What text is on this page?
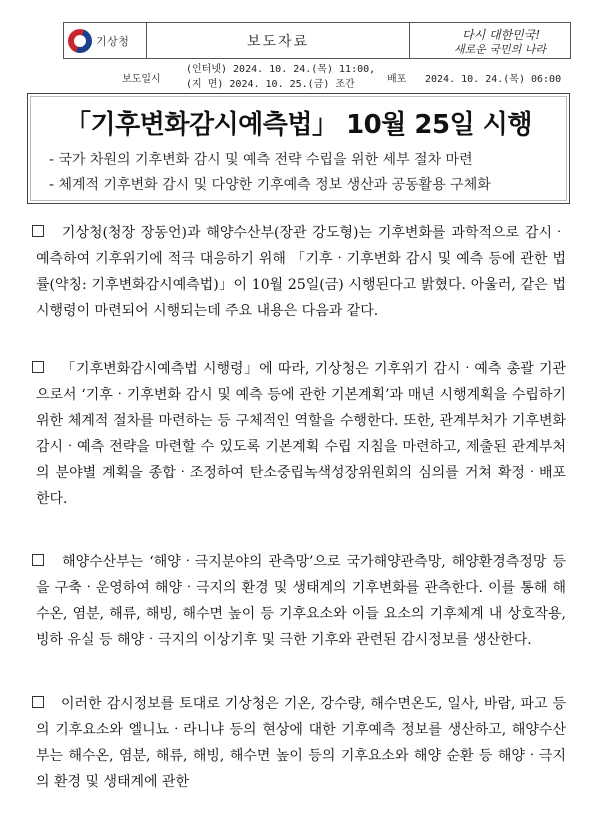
기상청	보도자료	다시 대한민국!
새로운 국민의 나라
보도일시
(인터넷) 2024. 10. 24.(목) 11:00,
(지 면) 2024. 10. 25.(금) 조간	배포 2024. 10. 24.(목) 06:00
「기후변화감시예측법」 10월 25일 시행
- 국가 차원의 기후변화 감시 및 예측 전략 수립을 위한 세부 절차 마련
- 체계적 기후변화 감시 및 다양한 기후예측 정보 생산과 공동활용 구체화
기상청(청장 장동언)과 해양수산부(장관 강도형)는 기후변화를 과학적으로 감시‧예측하여 기후위기에 적극 대응하기 위해 「기후‧기후변화 감시 및 예측 등에 관한 법률(약칭: 기후변화감시예측법)」이 10월 25일(금) 시행된다고 밝혔다. 아울러, 같은 법 시행령이 마련되어 시행되는데 주요 내용은 다음과 같다.
「기후변화감시예측법 시행령」에 따라, 기상청은 기후위기 감시‧예측 총괄 기관으로서 ‘기후‧기후변화 감시 및 예측 등에 관한 기본계획’과 매년 시행계획을 수립하기 위한 체계적 절차를 마련하는 등 구체적인 역할을 수행한다. 또한, 관계부처가 기후변화 감시‧예측 전략을 마련할 수 있도록 기본계획 수립 지침을 마련하고, 제출된 관계부처의 분야별 계획을 종합‧조정하여 탄소중립녹색성장위원회의 심의를 거쳐 확정‧배포한다.
해양수산부는 ‘해양‧극지분야의 관측망’으로 국가해양관측망, 해양환경측정망 등을 구축‧운영하여 해양‧극지의 환경 및 생태계의 기후변화를 관측한다. 이를 통해 해수온, 염분, 해류, 해빙, 해수면 높이 등 기후요소와 이들 요소의 기후체계 내 상호작용, 빙하 유실 등 해양‧극지의 이상기후 및 극한 기후와 관련된 감시정보를 생산한다.
이러한 감시정보를 토대로 기상청은 기온, 강수량, 해수면온도, 일사, 바람, 파고 등의 기후요소와 엘니뇨‧라니냐 등의 현상에 대한 기후예측 정보를 생산하고, 해양수산부는 해수온, 염분, 해류, 해빙, 해수면 높이 등의 기후요소와 해양 순환 등 해양‧극지의 환경 및 생태계에 관한
